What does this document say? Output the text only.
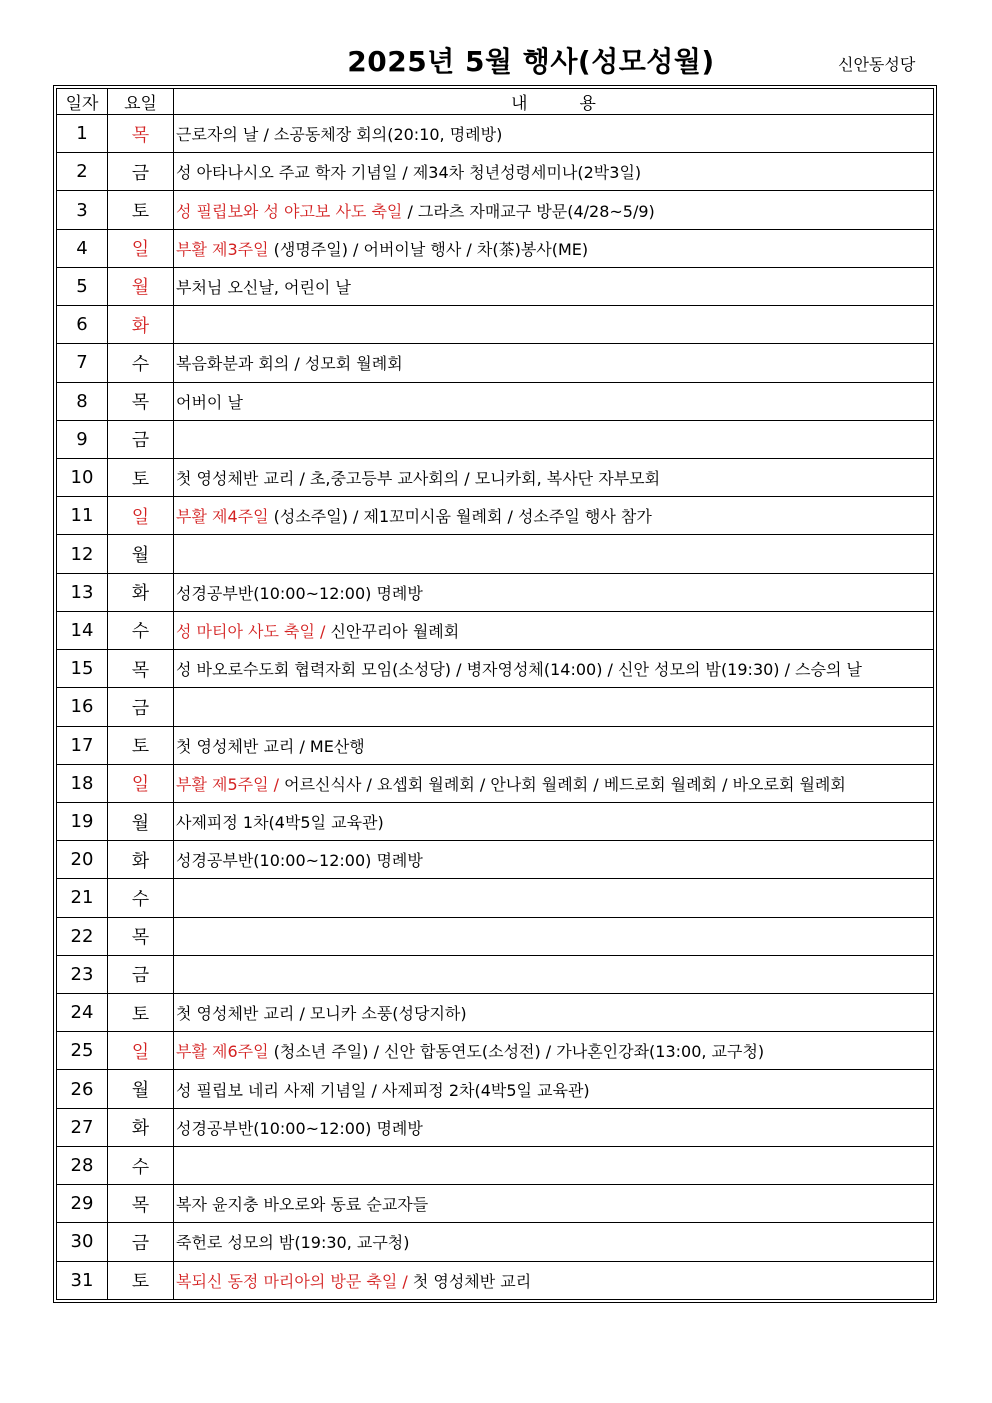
2025년 5월 행사(성모성월)	신안동성당
일자	요일	내 용
1	목	근로자의 날 / 소공동체장 회의(20:10, 명례방)
2	금	성 아타나시오 주교 학자 기념일 / 제34차 청년성령세미나(2박3일)
3	토	성 필립보와 성 야고보 사도 축일 / 그라츠 자매교구 방문(4/28~5/9)
4	일	부활 제3주일 (생명주일) / 어버이날 행사 / 차(茶)봉사(ME)
5	월	부처님 오신날, 어린이 날
6	화	
7	수	복음화분과 회의 / 성모회 월례회
8	목	어버이 날
9	금	
10	토	첫 영성체반 교리 / 초,중고등부 교사회의 / 모니카회, 복사단 자부모회
11	일	부활 제4주일 (성소주일) / 제1꼬미시움 월례회 / 성소주일 행사 참가
12	월	
13	화	성경공부반(10:00~12:00) 명례방
14	수	성 마티아 사도 축일 / 신안꾸리아 월례회
15	목	성 바오로수도회 협력자회 모임(소성당) / 병자영성체(14:00) / 신안 성모의 밤(19:30) / 스승의 날
16	금	
17	토	첫 영성체반 교리 / ME산행
18	일	부활 제5주일 / 어르신식사 / 요셉회 월례회 / 안나회 월례회 / 베드로회 월례회 / 바오로회 월례회
19	월	사제피정 1차(4박5일 교육관)
20	화	성경공부반(10:00~12:00) 명례방
21	수	
22	목	
23	금	
24	토	첫 영성체반 교리 / 모니카 소풍(성당지하)
25	일	부활 제6주일 (청소년 주일) / 신안 합동연도(소성전) / 가나혼인강좌(13:00, 교구청)
26	월	성 필립보 네리 사제 기념일 / 사제피정 2차(4박5일 교육관)
27	화	성경공부반(10:00~12:00) 명례방
28	수	
29	목	복자 윤지충 바오로와 동료 순교자들
30	금	죽헌로 성모의 밤(19:30, 교구청)
31	토	복되신 동정 마리아의 방문 축일 / 첫 영성체반 교리
